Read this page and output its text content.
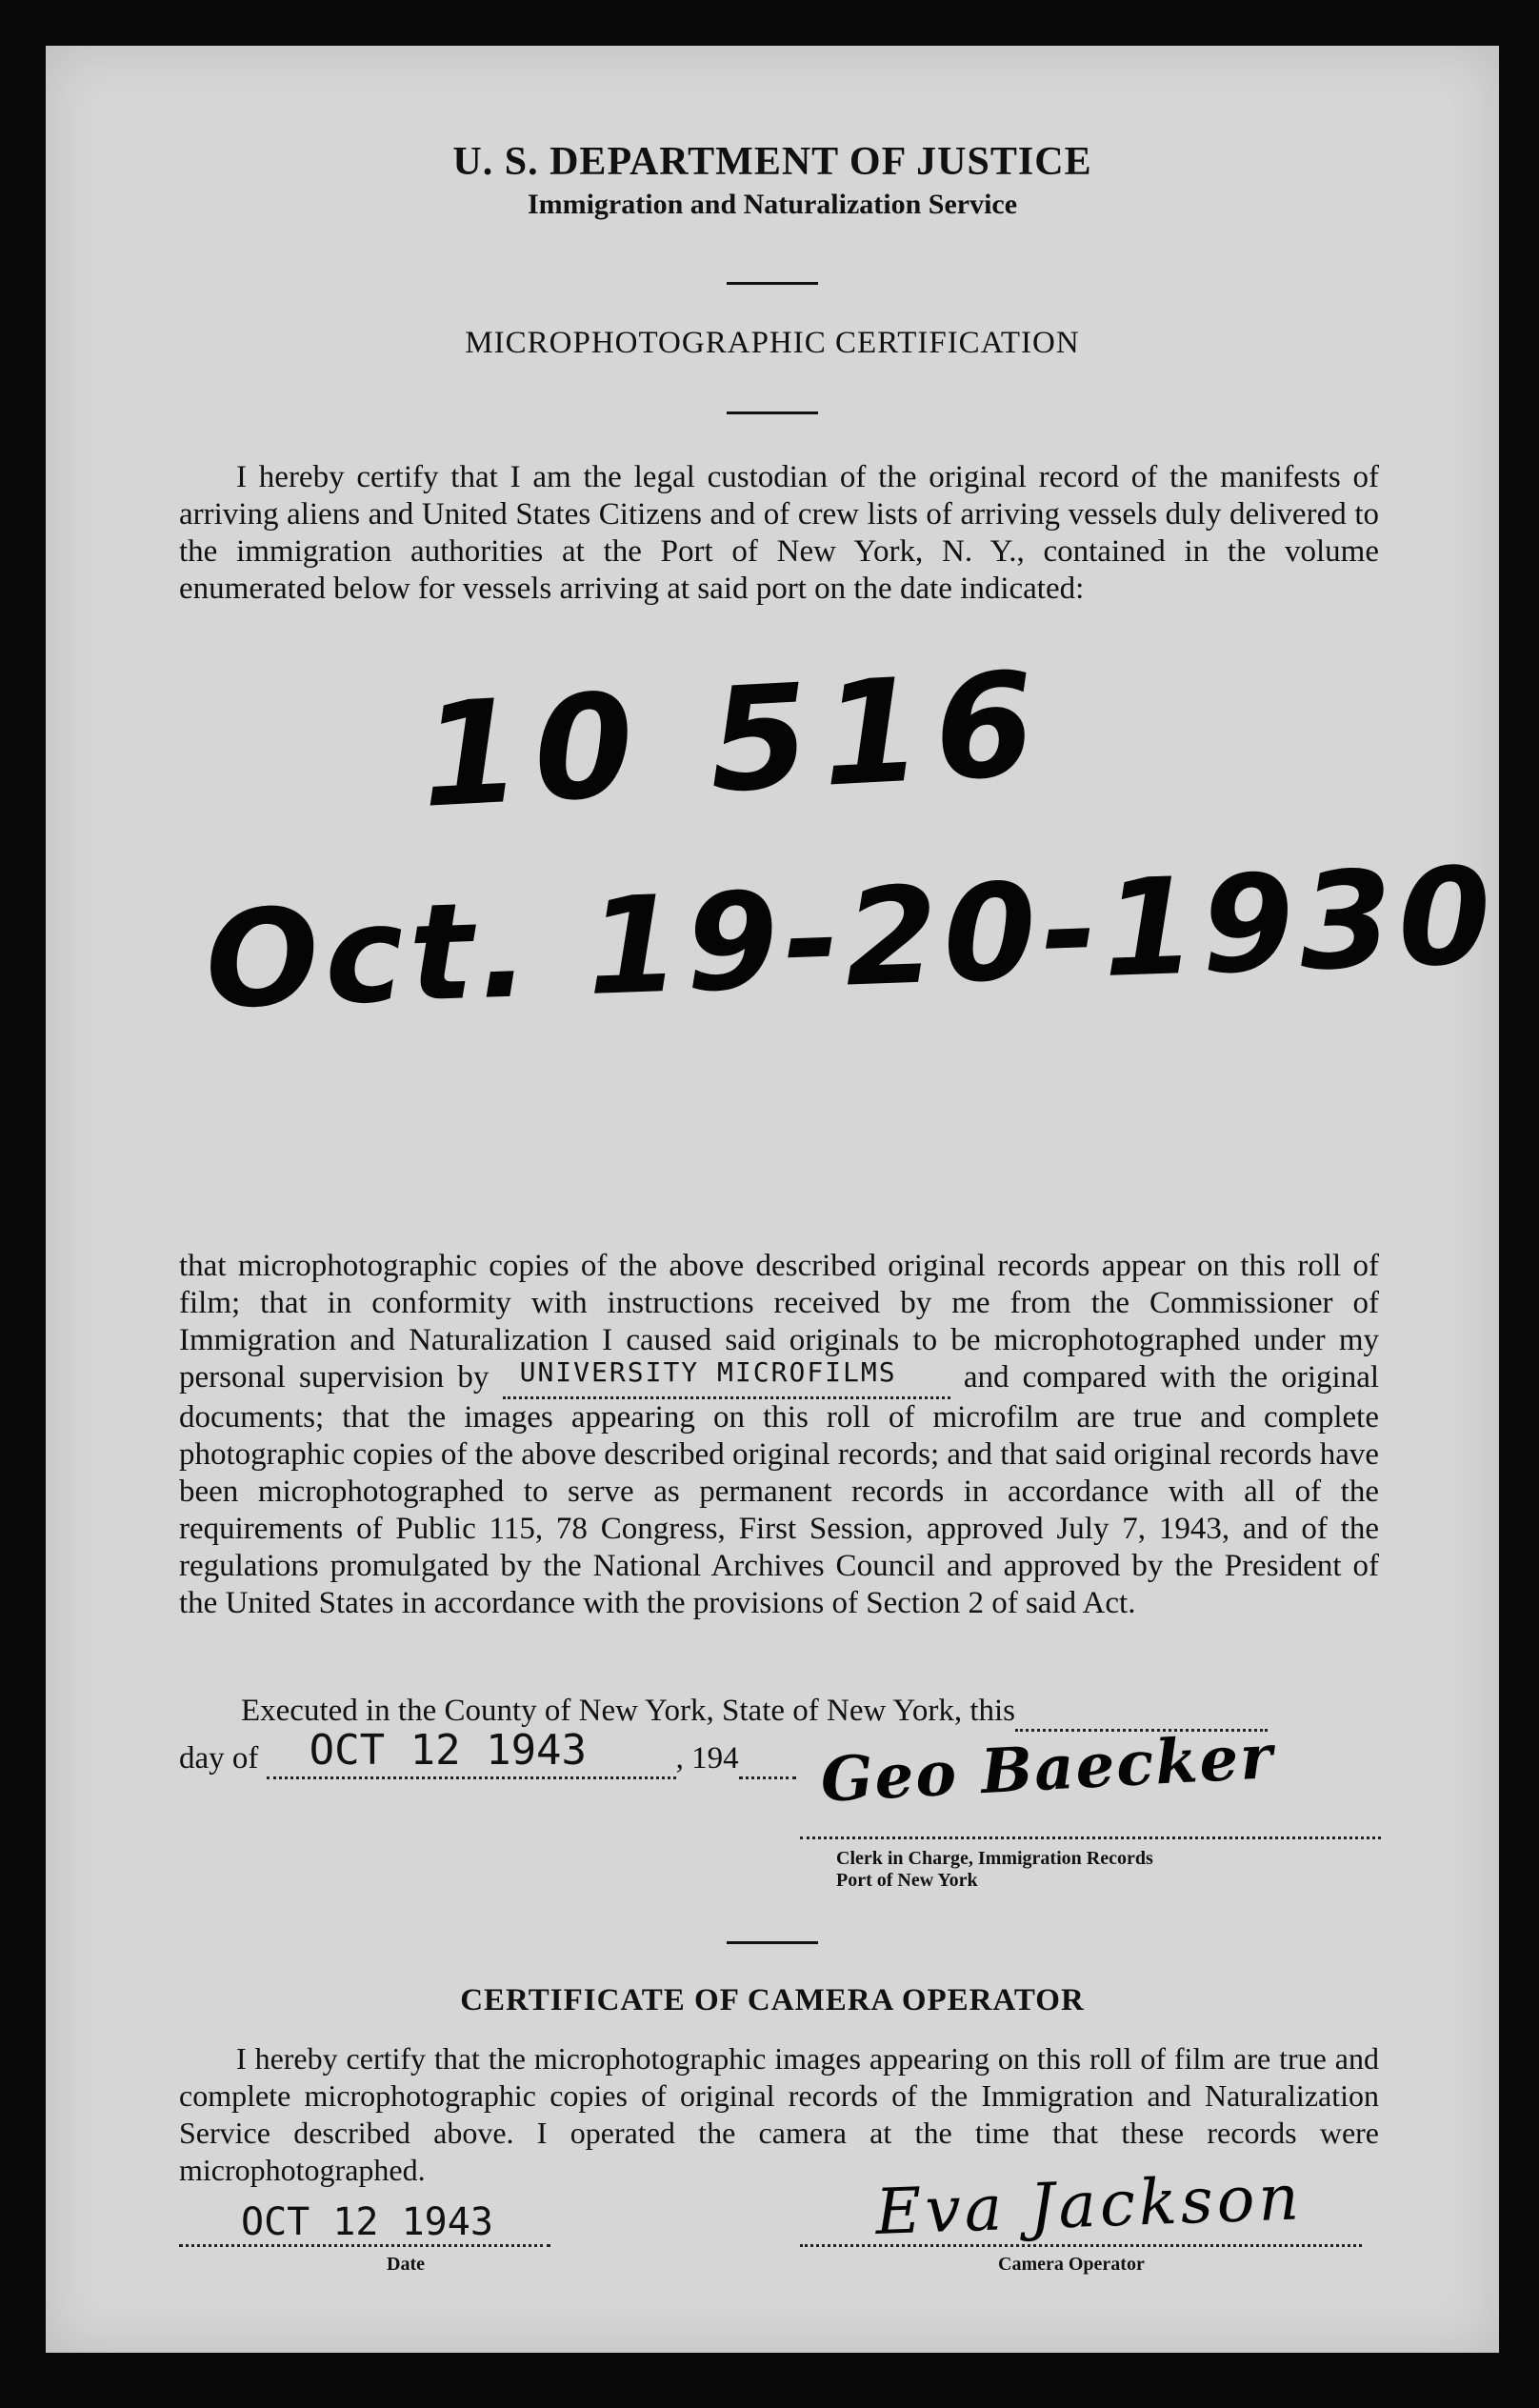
U. S. DEPARTMENT OF JUSTICE
Immigration and Naturalization Service
MICROPHOTOGRAPHIC CERTIFICATION
I hereby certify that I am the legal custodian of the original record of the manifests of arriving aliens and United States Citizens and of crew lists of arriving vessels duly delivered to the immigration authorities at the Port of New York, N. Y., contained in the volume enumerated below for vessels arriving at said port on the date indicated:
10 516
Oct. 19-20-1930
that microphotographic copies of the above described original records appear on this roll of film; that in conformity with instructions received by me from the Commissioner of Immigration and Naturalization I caused said originals to be microphotographed under my personal supervision by UNIVERSITY MICROFILMS and compared with the original documents; that the images appearing on this roll of microfilm are true and complete photographic copies of the above described original records; and that said original records have been microphotographed to serve as permanent records in accordance with all of the requirements of Public 115, 78 Congress, First Session, approved July 7, 1943, and of the regulations promulgated by the National Archives Council and approved by the President of the United States in accordance with the provisions of Section 2 of said Act.
Executed in the County of New York, State of New York, this
day of OCT 12 1943	, 194	Geo Baecker
Clerk in Charge, Immigration Records
Port of New York
CERTIFICATE OF CAMERA OPERATOR
I hereby certify that the microphotographic images appearing on this roll of film are true and complete microphotographic copies of original records of the Immigration and Naturalization Service described above. I operated the camera at the time that these records were microphotographed.
OCT 12 1943
Date
Eva Jackson
Camera Operator
